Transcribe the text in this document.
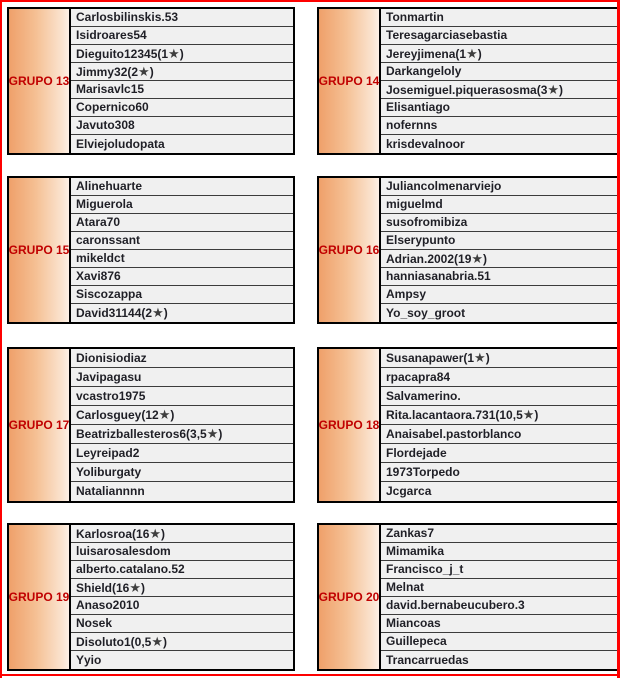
GRUPO 13
Carlosbilinskis.53
Isidroares54
Dieguito12345(1★)
Jimmy32(2★)
Marisavlc15
Copernico60
Javuto308
Elviejoludopata
GRUPO 14
Tonmartin
Teresagarciasebastia
Jereyjimena(1★)
Darkangeloly
Josemiguel.piquerasosma(3★)
Elisantiago
nofernns
krisdevalnoor
GRUPO 15
Alinehuarte
Miguerola
Atara70
caronssant
mikeldct
Xavi876
Siscozappa
David31144(2★)
GRUPO 16
Juliancolmenarviejo
miguelmd
susofromibiza
Elserypunto
Adrian.2002(19★)
hanniasanabria.51
Ampsy
Yo_soy_groot
GRUPO 17
Dionisiodiaz
Javipagasu
vcastro1975
Carlosguey(12★)
Beatrizballesteros6(3,5★)
Leyreipad2
Yoliburgaty
Nataliannnn
GRUPO 18
Susanapawer(1★)
rpacapra84
Salvamerino.
Rita.lacantaora.731(10,5★)
Anaisabel.pastorblanco
Flordejade
1973Torpedo
Jcgarca
GRUPO 19
Karlosroa(16★)
luisarosalesdom
alberto.catalano.52
Shield(16★)
Anaso2010
Nosek
Disoluto1(0,5★)
Yyio
GRUPO 20
Zankas7
Mimamika
Francisco_j_t
Melnat
david.bernabeucubero.3
Miancoas
Guillepeca
Trancarruedas
